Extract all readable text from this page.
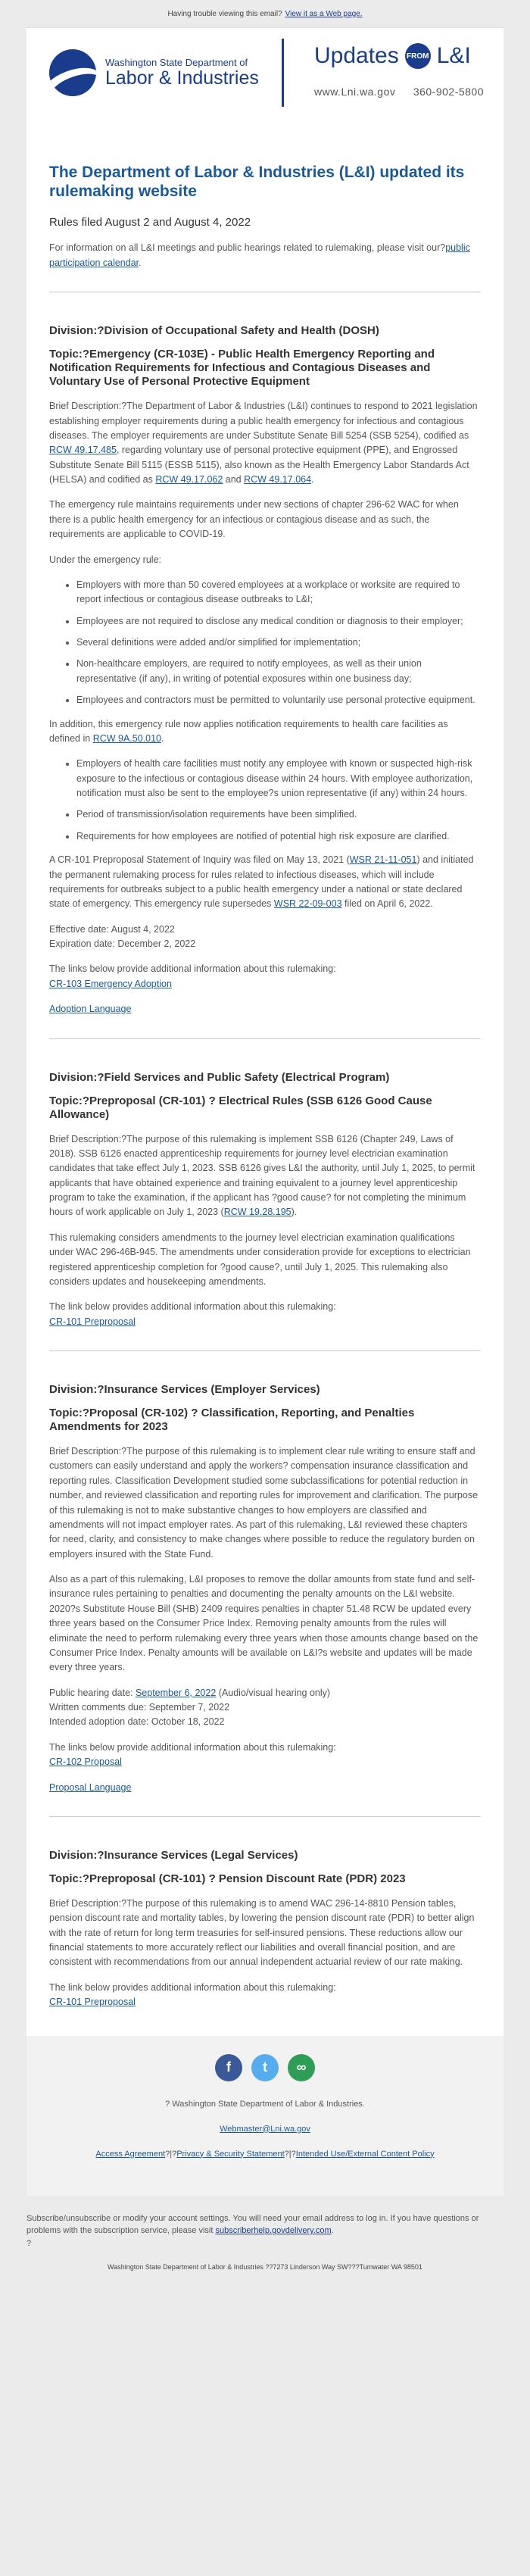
Having trouble viewing this email? View it as a Web page.
Washington State Department of
Labor & Industries
Updates FROM L&I
www.Lni.wa.gov 360-902-5800
The Department of Labor & Industries (L&I) updated its rulemaking website
Rules filed August 2 and August 4, 2022

For information on all L&I meetings and public hearings related to rulemaking, please visit our?public participation calendar.

Division:?Division of Occupational Safety and Health (DOSH)
Topic:?Emergency (CR-103E) - Public Health Emergency Reporting and Notification Requirements for Infectious and Contagious Diseases and Voluntary Use of Personal Protective Equipment

Brief Description:?The Department of Labor & Industries (L&I) continues to respond to 2021 legislation establishing employer requirements during a public health emergency for infectious and contagious diseases. The employer requirements are under Substitute Senate Bill 5254 (SSB 5254), codified as RCW 49.17.485, regarding voluntary use of personal protective equipment (PPE), and Engrossed Substitute Senate Bill 5115 (ESSB 5115), also known as the Health Emergency Labor Standards Act (HELSA) and codified as RCW 49.17.062 and RCW 49.17.064.

The emergency rule maintains requirements under new sections of chapter 296-62 WAC for when there is a public health emergency for an infectious or contagious disease and as such, the requirements are applicable to COVID-19.

Under the emergency rule:

• Employers with more than 50 covered employees at a workplace or worksite are required to report infectious or contagious disease outbreaks to L&I;
• Employees are not required to disclose any medical condition or diagnosis to their employer;
• Several definitions were added and/or simplified for implementation;
• Non-healthcare employers, are required to notify employees, as well as their union representative (if any), in writing of potential exposures within one business day;
• Employees and contractors must be permitted to voluntarily use personal protective equipment.

In addition, this emergency rule now applies notification requirements to health care facilities as defined in RCW 9A.50.010.

• Employers of health care facilities must notify any employee with known or suspected high-risk exposure to the infectious or contagious disease within 24 hours. With employee authorization, notification must also be sent to the employee?s union representative (if any) within 24 hours.
• Period of transmission/isolation requirements have been simplified.
• Requirements for how employees are notified of potential high risk exposure are clarified.

A CR-101 Preproposal Statement of Inquiry was filed on May 13, 2021 (WSR 21-11-051) and initiated the permanent rulemaking process for rules related to infectious diseases, which will include requirements for outbreaks subject to a public health emergency under a national or state declared state of emergency. This emergency rule supersedes WSR 22-09-003 filed on April 6, 2022.

Effective date: August 4, 2022
Expiration date: December 2, 2022

The links below provide additional information about this rulemaking:
CR-103 Emergency Adoption

Adoption Language

Division:?Field Services and Public Safety (Electrical Program)
Topic:?Preproposal (CR-101) ? Electrical Rules (SSB 6126 Good Cause Allowance)

Brief Description:?The purpose of this rulemaking is implement SSB 6126 (Chapter 249, Laws of 2018). SSB 6126 enacted apprenticeship requirements for journey level electrician examination candidates that take effect July 1, 2023. SSB 6126 gives L&I the authority, until July 1, 2025, to permit applicants that have obtained experience and training equivalent to a journey level apprenticeship program to take the examination, if the applicant has ?good cause? for not completing the minimum hours of work applicable on July 1, 2023 (RCW 19.28.195).

This rulemaking considers amendments to the journey level electrician examination qualifications under WAC 296-46B-945. The amendments under consideration provide for exceptions to electrician registered apprenticeship completion for ?good cause?, until July 1, 2025. This rulemaking also considers updates and housekeeping amendments.

The link below provides additional information about this rulemaking:
CR-101 Preproposal

Division:?Insurance Services (Employer Services)
Topic:?Proposal (CR-102) ? Classification, Reporting, and Penalties Amendments for 2023

Brief Description:?The purpose of this rulemaking is to implement clear rule writing to ensure staff and customers can easily understand and apply the workers? compensation insurance classification and reporting rules. Classification Development studied some subclassifications for potential reduction in number, and reviewed classification and reporting rules for improvement and clarification. The purpose of this rulemaking is not to make substantive changes to how employers are classified and amendments will not impact employer rates. As part of this rulemaking, L&I reviewed these chapters for need, clarity, and consistency to make changes where possible to reduce the regulatory burden on employers insured with the State Fund.

Also as a part of this rulemaking, L&I proposes to remove the dollar amounts from state fund and self-insurance rules pertaining to penalties and documenting the penalty amounts on the L&I website. 2020?s Substitute House Bill (SHB) 2409 requires penalties in chapter 51.48 RCW be updated every three years based on the Consumer Price Index. Removing penalty amounts from the rules will eliminate the need to perform rulemaking every three years when those amounts change based on the Consumer Price Index. Penalty amounts will be available on L&I?s website and updates will be made every three years.

Public hearing date: September 6, 2022 (Audio/visual hearing only)
Written comments due: September 7, 2022
Intended adoption date: October 18, 2022

The links below provide additional information about this rulemaking:
CR-102 Proposal

Proposal Language

Division:?Insurance Services (Legal Services)
Topic:?Preproposal (CR-101) ? Pension Discount Rate (PDR) 2023

Brief Description:?The purpose of this rulemaking is to amend WAC 296-14-8810 Pension tables, pension discount rate and mortality tables, by lowering the pension discount rate (PDR) to better align with the rate of return for long term treasuries for self-insured pensions. These reductions allow our financial statements to more accurately reflect our liabilities and overall financial position, and are consistent with recommendations from our annual independent actuarial review of our rate making.

The link below provides additional information about this rulemaking:
CR-101 Preproposal

f	t	∞

? Washington State Department of Labor & Industries.

Webmaster@Lni.wa.gov

Access Agreement?|?Privacy & Security Statement?|?Intended Use/External Content Policy

Subscribe/unsubscribe or modify your account settings. You will need your email address to log in. If you have questions or problems with the subscription service, please visit subscriberhelp.govdelivery.com.
?
Washington State Department of Labor & Industries ??7273 Linderson Way SW???Tumwater WA 98501
